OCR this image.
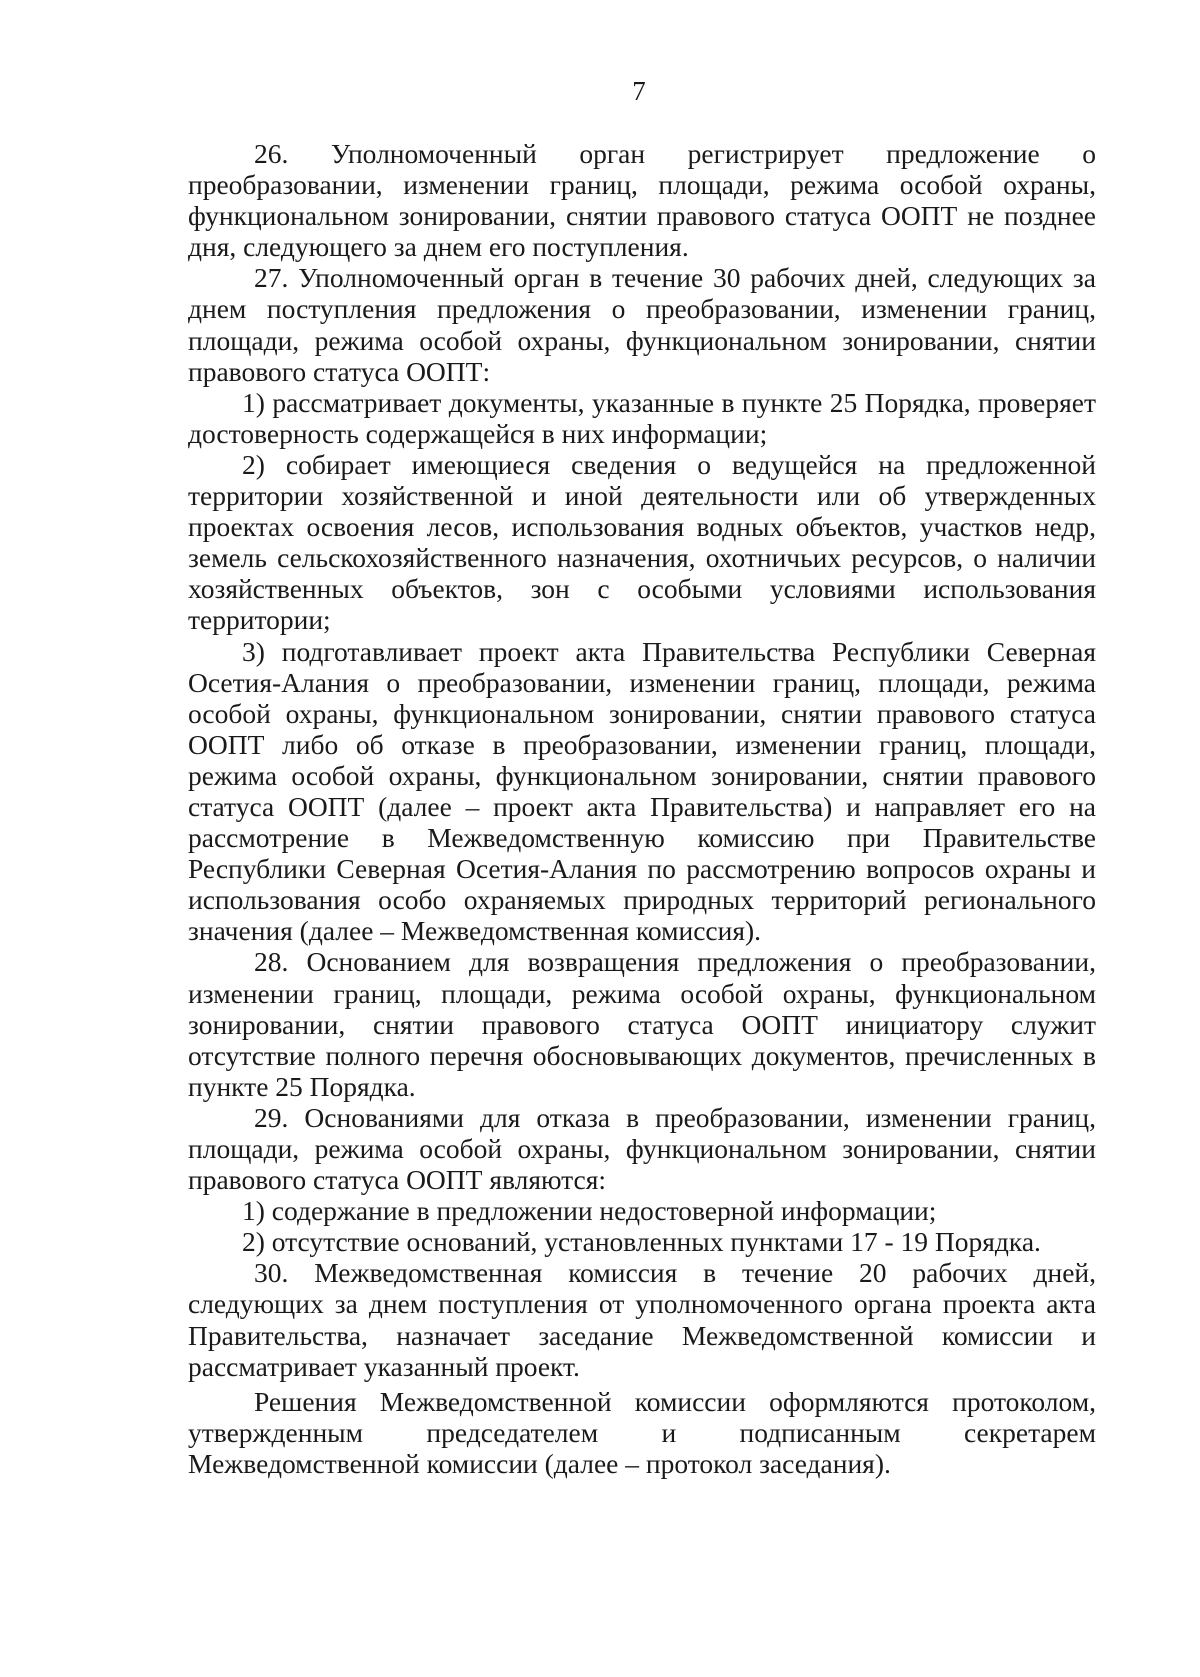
7

26. Уполномоченный орган регистрирует предложение о преобразовании, изменении границ, площади, режима особой охраны, функциональном зонировании, снятии правового статуса ООПТ не позднее дня, следующего за днем его поступления.

27. Уполномоченный орган в течение 30 рабочих дней, следующих за днем поступления предложения о преобразовании, изменении границ, площади, режима особой охраны, функциональном зонировании, снятии правового статуса ООПТ:

1) рассматривает документы, указанные в пункте 25 Порядка, проверяет достоверность содержащейся в них информации;

2) собирает имеющиеся сведения о ведущейся на предложенной территории хозяйственной и иной деятельности или об утвержденных проектах освоения лесов, использования водных объектов, участков недр, земель сельскохозяйственного назначения, охотничьих ресурсов, о наличии хозяйственных объектов, зон с особыми условиями использования территории;

3) подготавливает проект акта Правительства Республики Северная Осетия-Алания о преобразовании, изменении границ, площади, режима особой охраны, функциональном зонировании, снятии правового статуса ООПТ либо об отказе в преобразовании, изменении границ, площади, режима особой охраны, функциональном зонировании, снятии правового статуса ООПТ (далее – проект акта Правительства) и направляет его на рассмотрение в Межведомственную комиссию при Правительстве Республики Северная Осетия-Алания по рассмотрению вопросов охраны и использования особо охраняемых природных территорий регионального значения (далее – Межведомственная комиссия).

28. Основанием для возвращения предложения о преобразовании, изменении границ, площади, режима особой охраны, функциональном зонировании, снятии правового статуса ООПТ инициатору служит отсутствие полного перечня обосновывающих документов, пречисленных в пункте 25 Порядка.

29. Основаниями для отказа в преобразовании, изменении границ, площади, режима особой охраны, функциональном зонировании, снятии правового статуса ООПТ являются:

1) содержание в предложении недостоверной информации;

2) отсутствие оснований, установленных пунктами 17 - 19 Порядка.

30. Межведомственная комиссия в течение 20 рабочих дней, следующих за днем поступления от уполномоченного органа проекта акта Правительства, назначает заседание Межведомственной комиссии и рассматривает указанный проект.

Решения Межведомственной комиссии оформляются протоколом, утвержденным председателем и подписанным секретарем Межведомственной комиссии (далее – протокол заседания).
